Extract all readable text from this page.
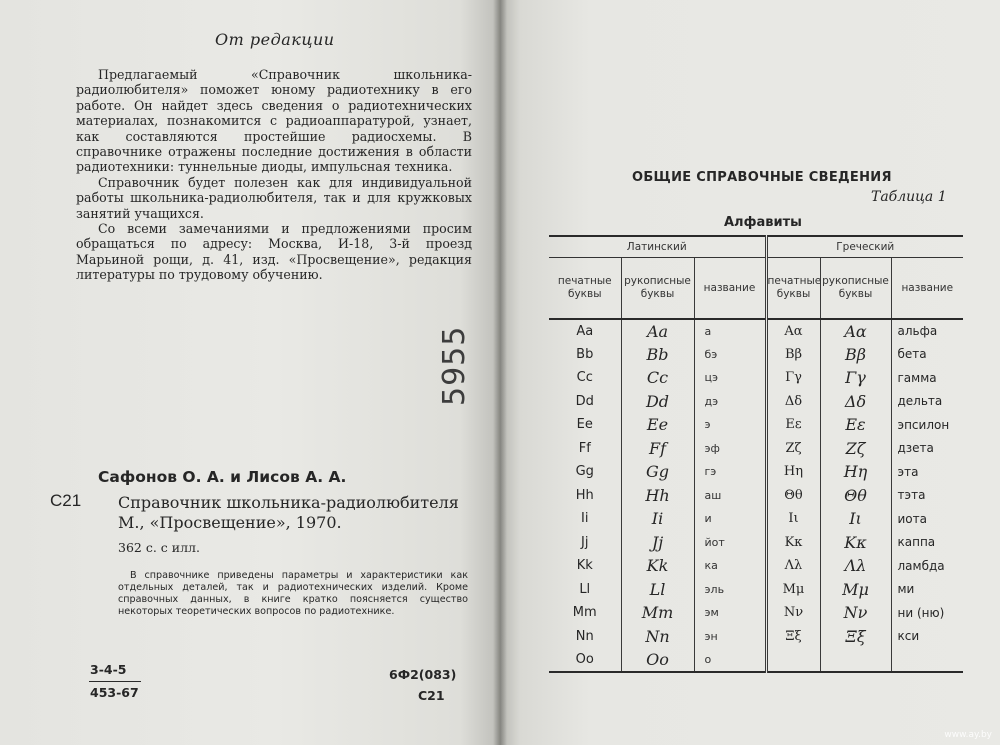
От редакции

Предлагаемый «Справочник школьника-радиолюбителя» поможет юному радиотехнику в его работе. Он найдет здесь сведения о радиотехнических материалах, познакомится с радиоаппаратурой, узнает, как составляются простейшие радиосхемы. В справочнике отражены последние достижения в области радиотехники: туннельные диоды, импульсная техника.

Справочник будет полезен как для индивидуальной работы школьника-радиолюбителя, так и для кружковых занятий учащихся.

Со всеми замечаниями и предложениями просим обращаться по адресу: Москва, И-18, 3-й проезд Марьиной рощи, д. 41, изд. «Просвещение», редакция литературы по трудовому обучению.

5955
Сафонов О. А. и Лисов А. А.
С21 Справочник школьника-радиолюбителя
М., «Просвещение», 1970.
362 с. с илл.
В справочнике приведены параметры и характеристики как отдельных деталей, так и радиотехнических изделий. Кроме справочных данных, в книге кратко поясняется существо некоторых теоретических вопросов по радиотехнике.
3-4-5
453-67
6Ф2(083)
С21
ОБЩИЕ СПРАВОЧНЫЕ СВЕДЕНИЯ
Таблица 1
Алфавиты
Латинский			Греческий		
печатные буквы	рукописные буквы	название	печатные буквы	рукописные буквы	название
Aa	Aa	а	Αα	Αα	альфа
Bb	Bb	бэ	Ββ	Ββ	бета
Cc	Cc	цэ	Γγ	Γγ	гамма
Dd	Dd	дэ	Δδ	Δδ	дельта
Ee	Ee	э	Εε	Εε	эпсилон
Ff	Ff	эф	Ζζ	Ζζ	дзета
Gg	Gg	гэ	Ηη	Ηη	эта
Hh	Hh	аш	Θθ	Θθ	тэта
Ii	Ii	и	Ιι	Ιι	иота
Jj	Jj	йот	Κκ	Κκ	каппа
Kk	Kk	ка	Λλ	Λλ	ламбда
Ll	Ll	эль	Μμ	Μμ	ми
Mm	Mm	эм	Νν	Νν	ни (ню)
Nn	Nn	эн	Ξξ	Ξξ	кси
Oo	Oo	о			

www.ay.by
